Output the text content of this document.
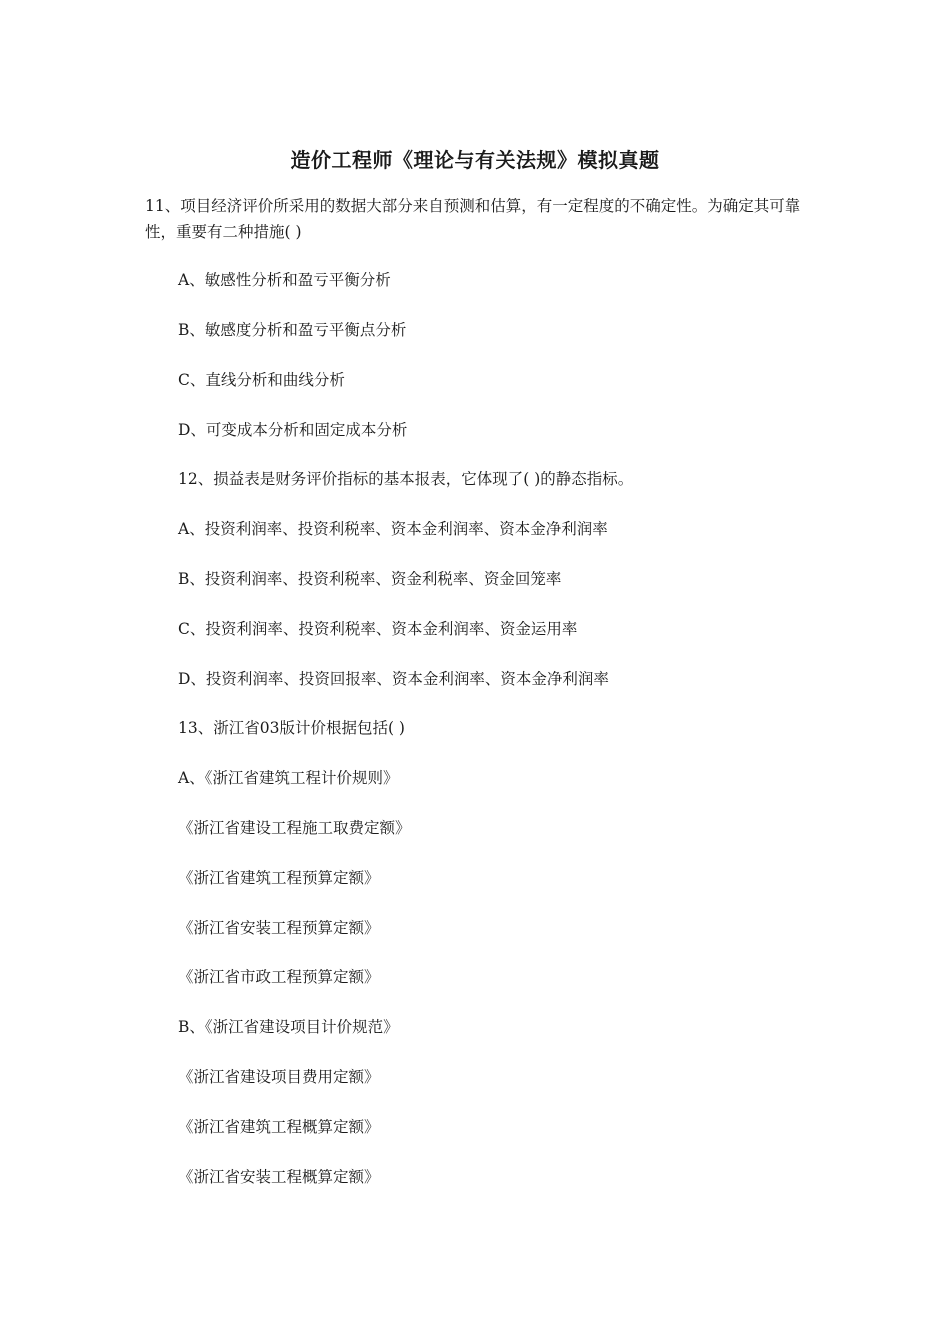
造价工程师《理论与有关法规》模拟真题
11、项目经济评价所采用的数据大部分来自预测和估算，有一定程度的不确定性。为确定其可靠性，重要有二种措施( )
A、敏感性分析和盈亏平衡分析
B、敏感度分析和盈亏平衡点分析
C、直线分析和曲线分析
D、可变成本分析和固定成本分析
12、损益表是财务评价指标的基本报表，它体现了( )的静态指标。
A、投资利润率、投资利税率、资本金利润率、资本金净利润率
B、投资利润率、投资利税率、资金利税率、资金回笼率
C、投资利润率、投资利税率、资本金利润率、资金运用率
D、投资利润率、投资回报率、资本金利润率、资本金净利润率
13、浙江省03版计价根据包括( )
A、《浙江省建筑工程计价规则》
《浙江省建设工程施工取费定额》
《浙江省建筑工程预算定额》
《浙江省安装工程预算定额》
《浙江省市政工程预算定额》
B、《浙江省建设项目计价规范》
《浙江省建设项目费用定额》
《浙江省建筑工程概算定额》
《浙江省安装工程概算定额》
